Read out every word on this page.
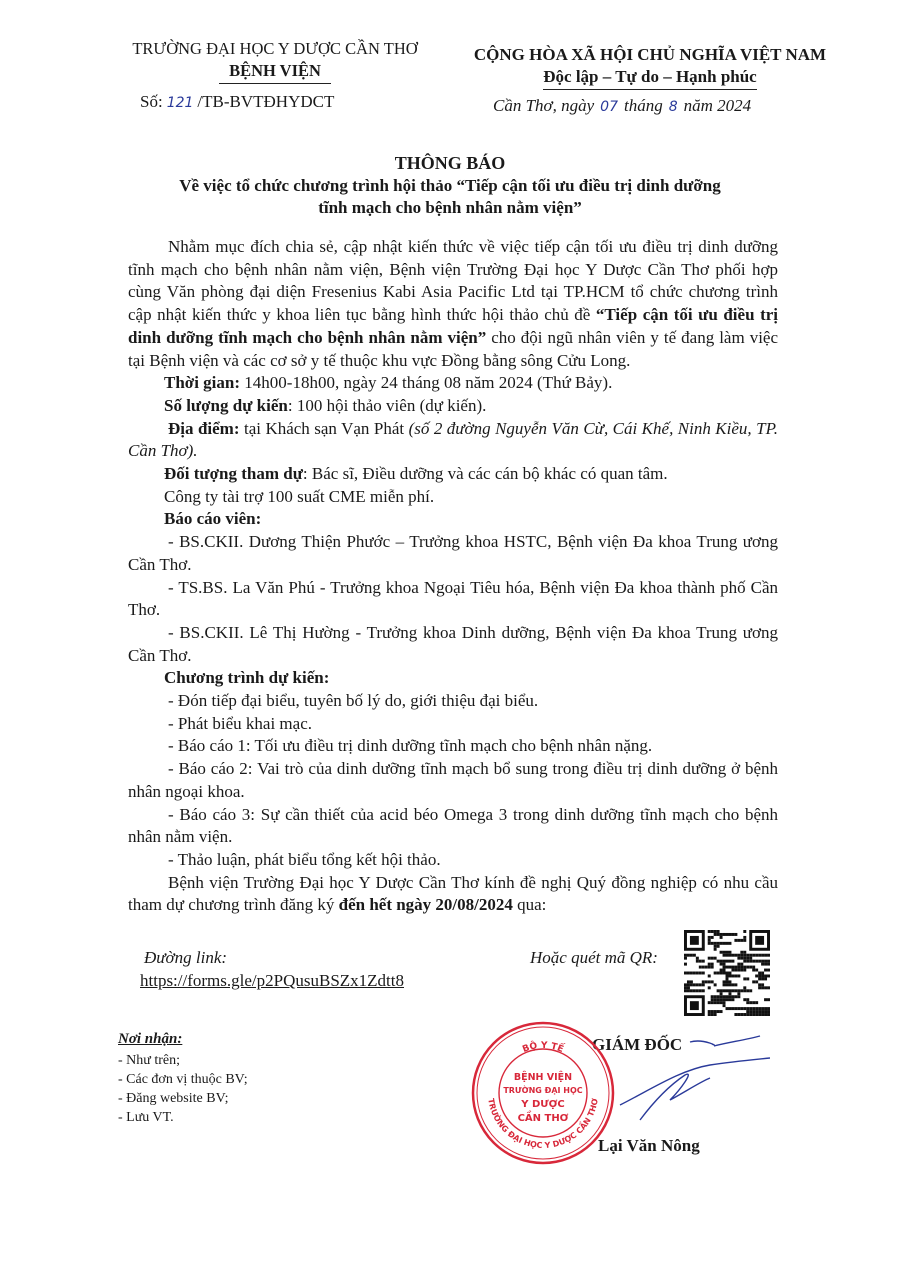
TRƯỜNG ĐẠI HỌC Y DƯỢC CẦN THƠ
BỆNH VIỆN
CỘNG HÒA XÃ HỘI CHỦ NGHĨA VIỆT NAM
Độc lập – Tự do – Hạnh phúc
Số: 121 /TB-BVTĐHYDCT	Cần Thơ, ngày 07 tháng 8 năm 2024
THÔNG BÁO
Về việc tổ chức chương trình hội thảo “Tiếp cận tối ưu điều trị dinh dưỡng
tĩnh mạch cho bệnh nhân nằm viện”

Nhằm mục đích chia sẻ, cập nhật kiến thức về việc tiếp cận tối ưu điều trị dinh dưỡng tĩnh mạch cho bệnh nhân nằm viện, Bệnh viện Trường Đại học Y Dược Cần Thơ phối hợp cùng Văn phòng đại diện Fresenius Kabi Asia Pacific Ltd tại TP.HCM tổ chức chương trình cập nhật kiến thức y khoa liên tục bằng hình thức hội thảo chủ đề “Tiếp cận tối ưu điều trị dinh dưỡng tĩnh mạch cho bệnh nhân nằm viện” cho đội ngũ nhân viên y tế đang làm việc tại Bệnh viện và các cơ sở y tế thuộc khu vực Đồng bằng sông Cửu Long.

Thời gian: 14h00-18h00, ngày 24 tháng 08 năm 2024 (Thứ Bảy).

Số lượng dự kiến: 100 hội thảo viên (dự kiến).

Địa điểm: tại Khách sạn Vạn Phát (số 2 đường Nguyễn Văn Cừ, Cái Khế, Ninh Kiều, TP. Cần Thơ).

Đối tượng tham dự: Bác sĩ, Điều dưỡng và các cán bộ khác có quan tâm.

Công ty tài trợ 100 suất CME miễn phí.

Báo cáo viên:

- BS.CKII. Dương Thiện Phước – Trưởng khoa HSTC, Bệnh viện Đa khoa Trung ương Cần Thơ.

- TS.BS. La Văn Phú - Trưởng khoa Ngoại Tiêu hóa, Bệnh viện Đa khoa thành phố Cần Thơ.

- BS.CKII. Lê Thị Hường - Trưởng khoa Dinh dưỡng, Bệnh viện Đa khoa Trung ương Cần Thơ.

Chương trình dự kiến:

- Đón tiếp đại biểu, tuyên bố lý do, giới thiệu đại biểu.

- Phát biểu khai mạc.

- Báo cáo 1: Tối ưu điều trị dinh dưỡng tĩnh mạch cho bệnh nhân nặng.

- Báo cáo 2: Vai trò của dinh dưỡng tĩnh mạch bổ sung trong điều trị dinh dưỡng ở bệnh nhân ngoại khoa.

- Báo cáo 3: Sự cần thiết của acid béo Omega 3 trong dinh dưỡng tĩnh mạch cho bệnh nhân nằm viện.

- Thảo luận, phát biểu tổng kết hội thảo.

Bệnh viện Trường Đại học Y Dược Cần Thơ kính đề nghị Quý đồng nghiệp có nhu cầu tham dự chương trình đăng ký đến hết ngày 20/08/2024 qua:

Đường link:
https://forms.gle/p2PQusuBSZx1Zdtt8
Hoặc quét mã QR:
Nơi nhận:
- Như trên;
- Các đơn vị thuộc BV;
- Đăng website BV;
- Lưu VT.
GIÁM ĐỐC
Lại Văn Nông
BỘ Y TẾ
TRƯỜNG ĐẠI HỌC Y DƯỢC CẦN THƠ
BỆNH VIỆN
TRƯỜNG ĐẠI HỌC
Y DƯỢC
CẦN THƠ
